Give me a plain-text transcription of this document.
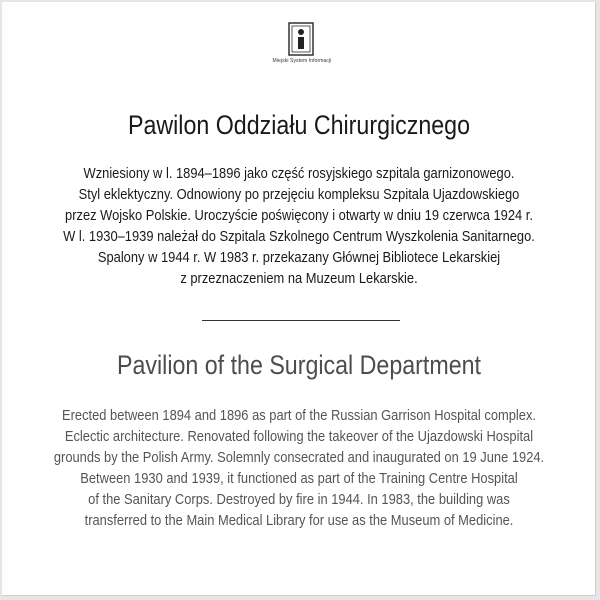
Miejski System Informacji
Pawilon Oddziału Chirurgicznego
Wzniesiony w l. 1894–1896 jako część rosyjskiego szpitala garnizonowego.
Styl eklektyczny. Odnowiony po przejęciu kompleksu Szpitala Ujazdowskiego
przez Wojsko Polskie. Uroczyście poświęcony i otwarty w dniu 19 czerwca 1924 r.
W l. 1930–1939 należał do Szpitala Szkolnego Centrum Wyszkolenia Sanitarnego.
Spalony w 1944 r. W 1983 r. przekazany Głównej Bibliotece Lekarskiej
z przeznaczeniem na Muzeum Lekarskie.
Pavilion of the Surgical Department
Erected between 1894 and 1896 as part of the Russian Garrison Hospital complex.
Eclectic architecture. Renovated following the takeover of the Ujazdowski Hospital
grounds by the Polish Army. Solemnly consecrated and inaugurated on 19 June 1924.
Between 1930 and 1939, it functioned as part of the Training Centre Hospital
of the Sanitary Corps. Destroyed by fire in 1944. In 1983, the building was
transferred to the Main Medical Library for use as the Museum of Medicine.
